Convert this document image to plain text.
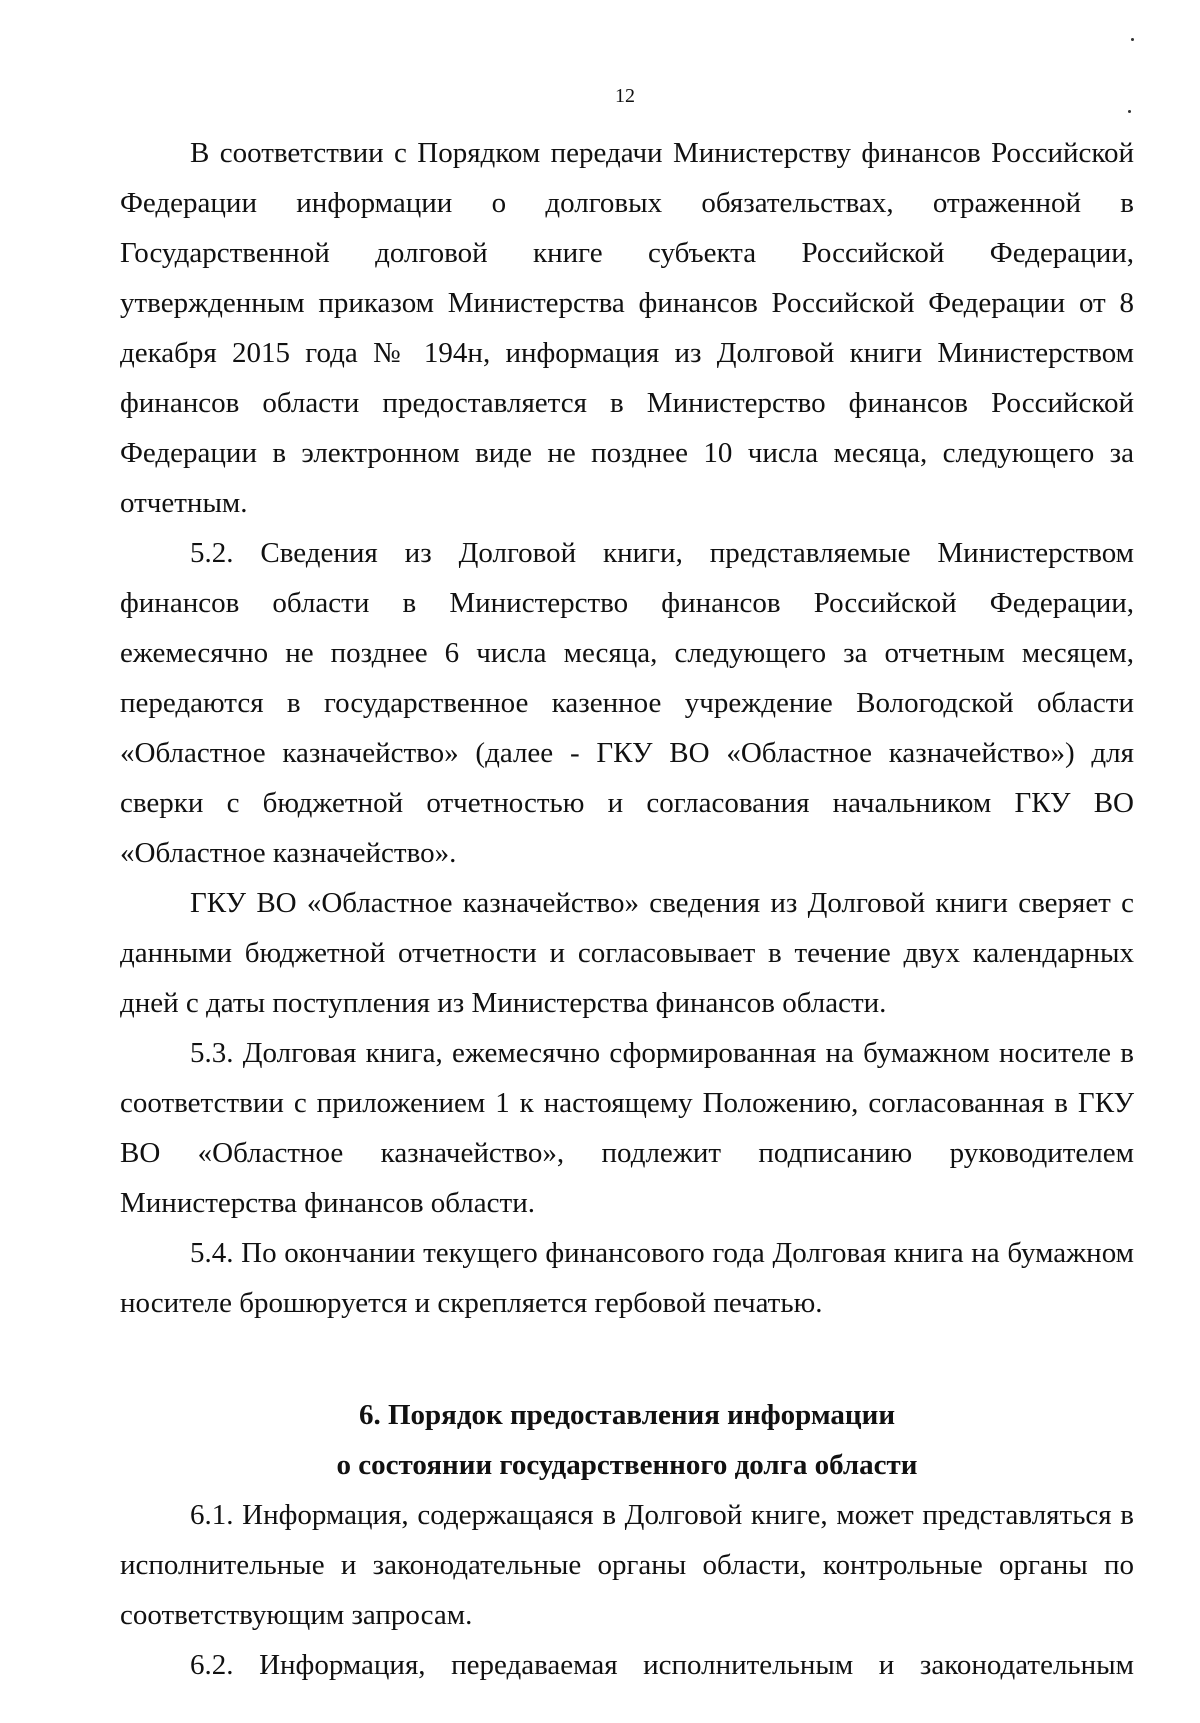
12

В соответствии с Порядком передачи Министерству финансов Российской Федерации информации о долговых обязательствах, отраженной в Государственной долговой книге субъекта Российской Федерации, утвержденным приказом Министерства финансов Российской Федерации от 8 декабря 2015 года № 194н, информация из Долговой книги Министерством финансов области предоставляется в Министерство финансов Российской Федерации в электронном виде не позднее 10 числа месяца, следующего за отчетным.

5.2. Сведения из Долговой книги, представляемые Министерством финансов области в Министерство финансов Российской Федерации, ежемесячно не позднее 6 числа месяца, следующего за отчетным месяцем, передаются в государственное казенное учреждение Вологодской области «Областное казначейство» (далее - ГКУ ВО «Областное казначейство») для сверки с бюджетной отчетностью и согласования начальником ГКУ ВО «Областное казначейство».

ГКУ ВО «Областное казначейство» сведения из Долговой книги сверяет с данными бюджетной отчетности и согласовывает в течение двух календарных дней с даты поступления из Министерства финансов области.

5.3. Долговая книга, ежемесячно сформированная на бумажном носителе в соответствии с приложением 1 к настоящему Положению, согласованная в ГКУ ВО «Областное казначейство», подлежит подписанию руководителем Министерства финансов области.

5.4. По окончании текущего финансового года Долговая книга на бумажном носителе брошюруется и скрепляется гербовой печатью.

6. Порядок предоставления информации
о состоянии государственного долга области

6.1. Информация, содержащаяся в Долговой книге, может представляться в исполнительные и законодательные органы области, контрольные органы по соответствующим запросам.

6.2. Информация, передаваемая исполнительным и законодательным
